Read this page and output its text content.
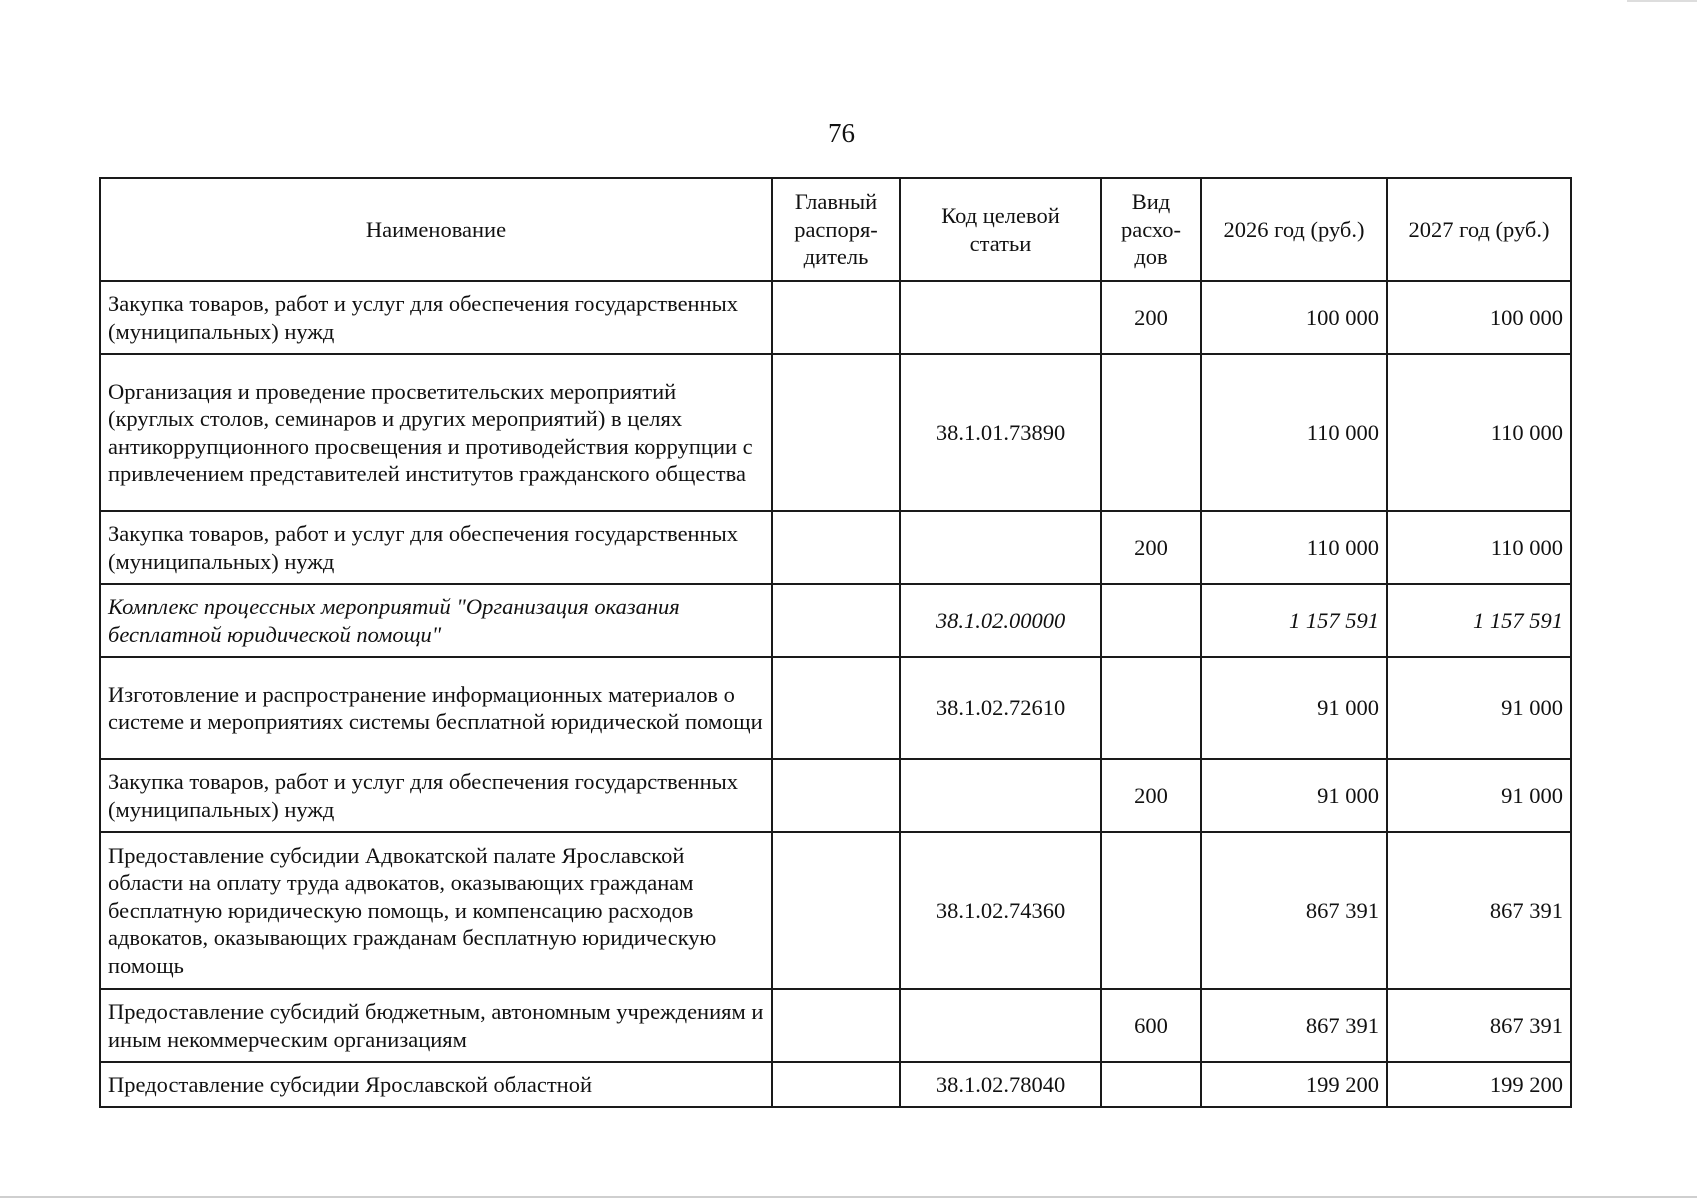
76
Наименование	Главный распоря-дитель	Код целевой статьи	Вид расхо-дов	2026 год (руб.)	2027 год (руб.)
Закупка товаров, работ и услуг для обеспечения государственных (муниципальных) нужд			200	100 000	100 000
Организация и проведение просветительских мероприятий (круглых столов, семинаров и других мероприятий) в целях антикоррупционного просвещения и противодействия коррупции с привлечением представителей институтов гражданского общества		38.1.01.73890		110 000	110 000
Закупка товаров, работ и услуг для обеспечения государственных (муниципальных) нужд			200	110 000	110 000
Комплекс процессных мероприятий "Организация оказания бесплатной юридической помощи"		38.1.02.00000		1 157 591	1 157 591
Изготовление и распространение информационных материалов о системе и мероприятиях системы бесплатной юридической помощи		38.1.02.72610		91 000	91 000
Закупка товаров, работ и услуг для обеспечения государственных (муниципальных) нужд			200	91 000	91 000
Предоставление субсидии Адвокатской палате Ярославской области на оплату труда адвокатов, оказывающих гражданам бесплатную юридическую помощь, и компенсацию расходов адвокатов, оказывающих гражданам бесплатную юридическую помощь		38.1.02.74360		867 391	867 391
Предоставление субсидий бюджетным, автономным учреждениям и иным некоммерческим организациям			600	867 391	867 391
Предоставление субсидии Ярославской областной		38.1.02.78040		199 200	199 200
